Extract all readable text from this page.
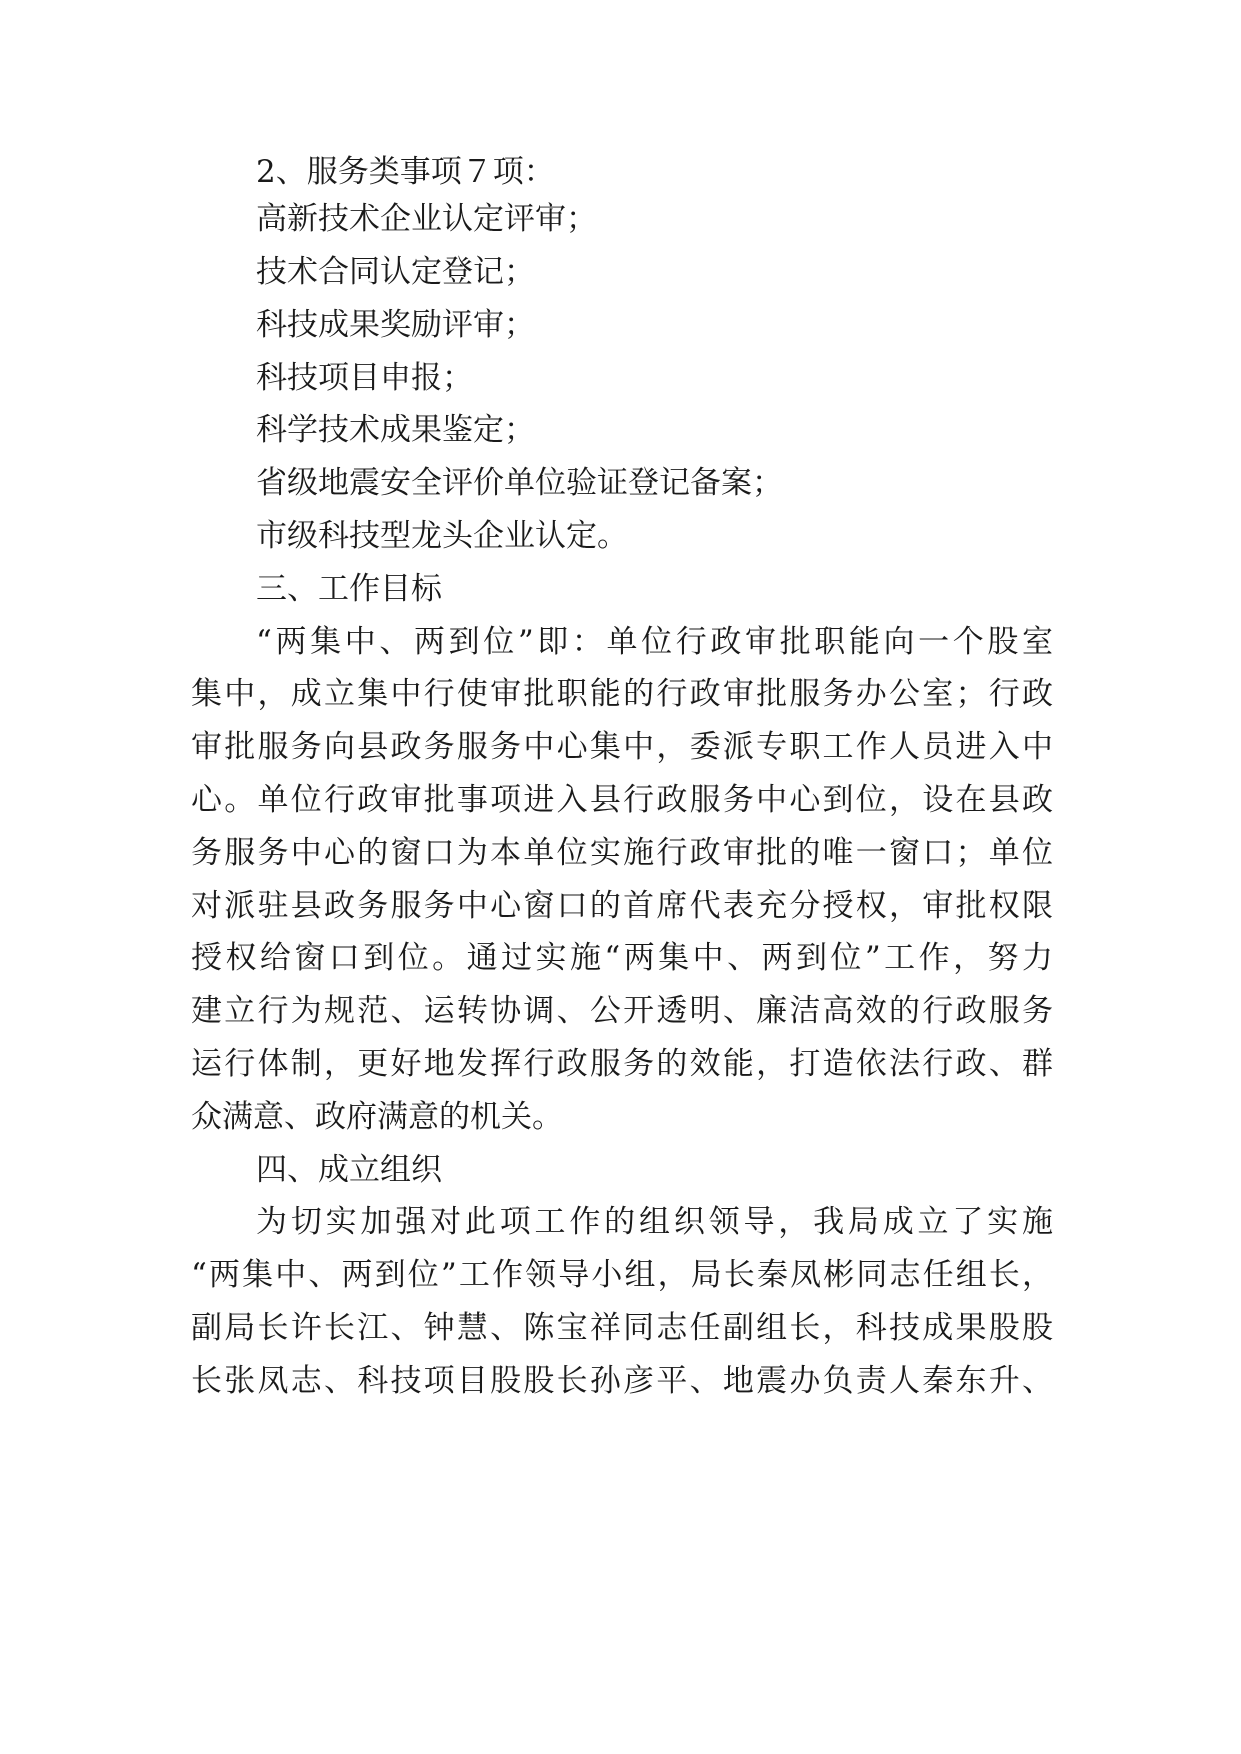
2、服务类事项７项：
高新技术企业认定评审；
技术合同认定登记；
科技成果奖励评审；
科技项目申报；
科学技术成果鉴定；
省级地震安全评价单位验证登记备案；
市级科技型龙头企业认定。
三、工作目标
“两集中、两到位”即：单位行政审批职能向一个股室
集中，成立集中行使审批职能的行政审批服务办公室；行政
审批服务向县政务服务中心集中，委派专职工作人员进入中
心。单位行政审批事项进入县行政服务中心到位，设在县政
务服务中心的窗口为本单位实施行政审批的唯一窗口；单位
对派驻县政务服务中心窗口的首席代表充分授权，审批权限
授权给窗口到位。通过实施“两集中、两到位”工作，努力
建立行为规范、运转协调、公开透明、廉洁高效的行政服务
运行体制，更好地发挥行政服务的效能，打造依法行政、群
众满意、政府满意的机关。
四、成立组织
为切实加强对此项工作的组织领导，我局成立了实施
“两集中、两到位”工作领导小组，局长秦凤彬同志任组长，
副局长许长江、钟慧、陈宝祥同志任副组长，科技成果股股
长张凤志、科技项目股股长孙彦平、地震办负责人秦东升、
